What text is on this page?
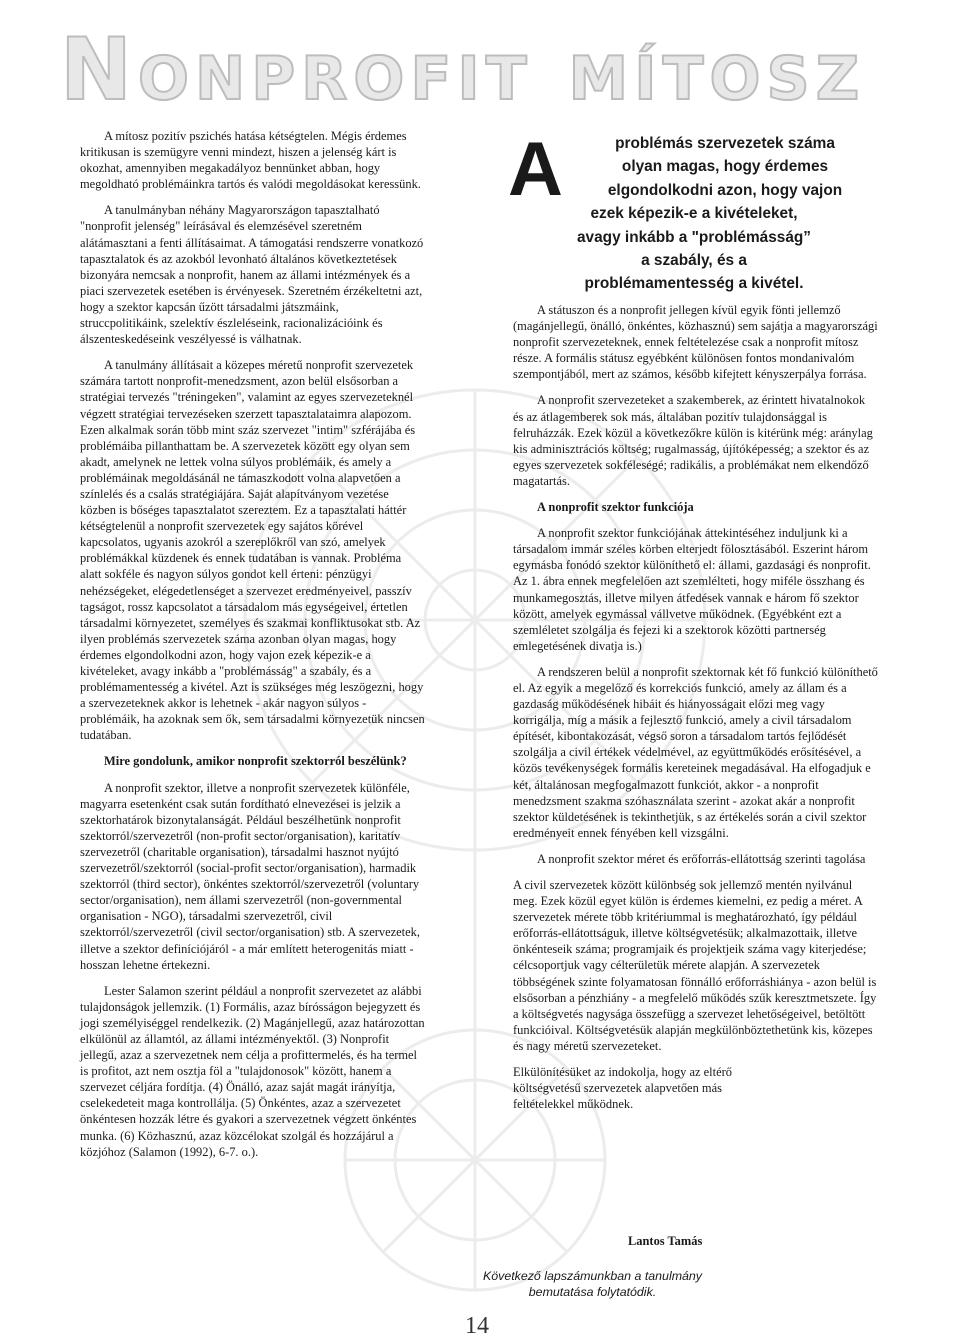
Nonprofit mítosz
A	problémás szervezetek száma
olyan magas, hogy érdemes
elgondolkodni azon, hogy vajon
ezek képezik-e a kivételeket,
avagy inkább a "problémásság”
a szabály, és a
problémamentesség a kivétel.

A mítosz pozitív pszichés hatása kétségtelen. Mégis érdemes kritikusan is szemügyre venni mindezt, hiszen a jelenség kárt is okozhat, amennyiben megakadályoz bennünket abban, hogy megoldható problémáinkra tartós és valódi megoldásokat keressünk.

A tanulmányban néhány Magyarországon tapasztalható "nonprofit jelenség" leírásával és elemzésével szeretném alátámasztani a fenti állításaimat. A támogatási rendszerre vonatkozó tapasztalatok és az azokból levonható általános következtetések bizonyára nemcsak a nonprofit, hanem az állami intézmények és a piaci szervezetek esetében is érvényesek. Szeretném érzékeltetni azt, hogy a szektor kapcsán űzött társadalmi játszmáink, struccpolitikáink, szelektív észleléseink, racionalizációink és álszenteskedéseink veszélyessé is válhatnak.

A tanulmány állításait a közepes méretű nonprofit szervezetek számára tartott nonprofit-menedzsment, azon belül elsősorban a stratégiai tervezés "tréningeken", valamint az egyes szervezeteknél végzett stratégiai tervezéseken szerzett tapasztalataimra alapozom. Ezen alkalmak során több mint száz szervezet "intim" szférájába és problémáiba pillanthattam be. A szervezetek között egy olyan sem akadt, amelynek ne lettek volna súlyos problémáik, és amely a problémáinak megoldásánál ne támaszkodott volna alapvetően a színlelés és a csalás stratégiájára. Saját alapítványom vezetése közben is bőséges tapasztalatot szereztem. Ez a tapasztalati háttér kétségtelenül a nonprofit szervezetek egy sajátos körével kapcsolatos, ugyanis azokról a szereplőkről van szó, amelyek problémákkal küzdenek és ennek tudatában is vannak. Probléma alatt sokféle és nagyon súlyos gondot kell érteni: pénzügyi nehézségeket, elégedetlenséget a szervezet eredményeivel, passzív tagságot, rossz kapcsolatot a társadalom más egységeivel, értetlen társadalmi környezetet, személyes és szakmai konfliktusokat stb. Az ilyen problémás szervezetek száma azonban olyan magas, hogy érdemes elgondolkodni azon, hogy vajon ezek képezik-e a kivételeket, avagy inkább a "problémásság" a szabály, és a problémamentesség a kivétel. Azt is szükséges még leszögezni, hogy a szervezeteknek akkor is lehetnek - akár nagyon súlyos - problémáik, ha azoknak sem ők, sem társadalmi környezetük nincsen tudatában.

Mire gondolunk, amikor nonprofit szektorról beszélünk?

A nonprofit szektor, illetve a nonprofit szervezetek különféle, magyarra esetenként csak sután fordítható elnevezései is jelzik a szektorhatárok bizonytalanságát. Például beszélhetünk nonprofit szektorról/szervezetről (non-profit sector/organisation), karitatív szervezetről (charitable organisation), társadalmi hasznot nyújtó szervezetről/szektorról (social-profit sector/organisation), harmadik szektorról (third sector), önkéntes szektorról/szervezetről (voluntary sector/organisation), nem állami szervezetről (non-governmental organisation - NGO), társadalmi szervezetről, civil szektorról/szervezetről (civil sector/organisation) stb. A szervezetek, illetve a szektor definíciójáról - a már említett heterogenitás miatt - hosszan lehetne értekezni.

Lester Salamon szerint például a nonprofit szervezetet az alábbi tulajdonságok jellemzik. (1) Formális, azaz bírósságon bejegyzett és jogi személyiséggel rendelkezik. (2) Magánjellegű, azaz határozottan elkülönül az államtól, az állami intézményektől. (3) Nonprofit jellegű, azaz a szervezetnek nem célja a profittermelés, és ha termel is profitot, azt nem osztja föl a "tulajdonosok" között, hanem a szervezet céljára fordítja. (4) Önálló, azaz saját magát irányítja, cselekedeteit maga kontrollálja. (5) Önkéntes, azaz a szervezetet önkéntesen hozzák létre és gyakori a szervezetnek végzett önkéntes munka. (6) Közhasznú, azaz közcélokat szolgál és hozzájárul a közjóhoz (Salamon (1992), 6-7. o.).

A státuszon és a nonprofit jellegen kívül egyik fönti jellemző (magánjellegű, önálló, önkéntes, közhasznú) sem sajátja a magyarországi nonprofit szervezeteknek, ennek feltételezése csak a nonprofit mítosz része. A formális státusz egyébként különösen fontos mondanivalóm szempontjából, mert az számos, később kifejtett kényszerpálya forrása.

A nonprofit szervezeteket a szakemberek, az érintett hivatalnokok és az átlagemberek sok más, általában pozitív tulajdonsággal is felruházzák. Ezek közül a következőkre külön is kitérünk még: aránylag kis adminisztrációs költség; rugalmasság, újítóképesség; a szektor és az egyes szervezetek sokféleségé; radikális, a problémákat nem elkendőző magatartás.

A nonprofit szektor funkciója

A nonprofit szektor funkciójának áttekintéséhez induljunk ki a társadalom immár széles körben elterjedt fölosztásából. Eszerint három egymásba fonódó szektor különíthető el: állami, gazdasági és nonprofit. Az 1. ábra ennek megfelelően azt szemlélteti, hogy miféle összhang és munkamegosztás, illetve milyen átfedések vannak e három fő szektor között, amelyek egymással vállvetve működnek. (Egyébként ezt a szemléletet szolgálja és fejezi ki a szektorok közötti partnerség emlegetésének divatja is.)

A rendszeren belül a nonprofit szektornak két fő funkció különíthető el. Az egyik a megelőző és korrekciós funkció, amely az állam és a gazdaság működésének hibáit és hiányosságait előzi meg vagy korrigálja, míg a másik a fejlesztő funkció, amely a civil társadalom építését, kibontakozását, végső soron a társadalom tartós fejlődését szolgálja a civil értékek védelmével, az együttműködés erősítésével, a közös tevékenységek formális kereteinek megadásával. Ha elfogadjuk e két, általánosan megfogalmazott funkciót, akkor - a nonprofit menedzsment szakma szóhasználata szerint - azokat akár a nonprofit szektor küldetésének is tekinthetjük, s az értékelés során a civil szektor eredményeit ennek fényében kell vizsgálni.

A nonprofit szektor méret és erőforrás-ellátottság szerinti tagolása

A civil szervezetek között különbség sok jellemző mentén nyilvánul meg. Ezek közül egyet külön is érdemes kiemelni, ez pedig a méret. A szervezetek mérete több kritériummal is meghatározható, így például erőforrás-ellátottságuk, illetve költségvetésük; alkalmazottaik, illetve önkénteseik száma; programjaik és projektjeik száma vagy kiterjedése; célcsoportjuk vagy célterületük mérete alapján. A szervezetek többségének szinte folyamatosan fönnálló erőforráshiánya - azon belül is elsősorban a pénzhiány - a megfelelő működés szűk keresztmetszete. Így a költségvetés nagysága összefügg a szervezet lehetőségeivel, betöltött funkcióival. Költségvetésük alapján megkülönböztethetünk kis, közepes és nagy méretű szervezeteket.

Elkülönítésüket az indokolja, hogy az eltérő költségvetésű szervezetek alapvetően más feltételekkel működnek.

Lantos Tamás
Következő lapszámunkban a tanulmány bemutatása folytatódik.
14
